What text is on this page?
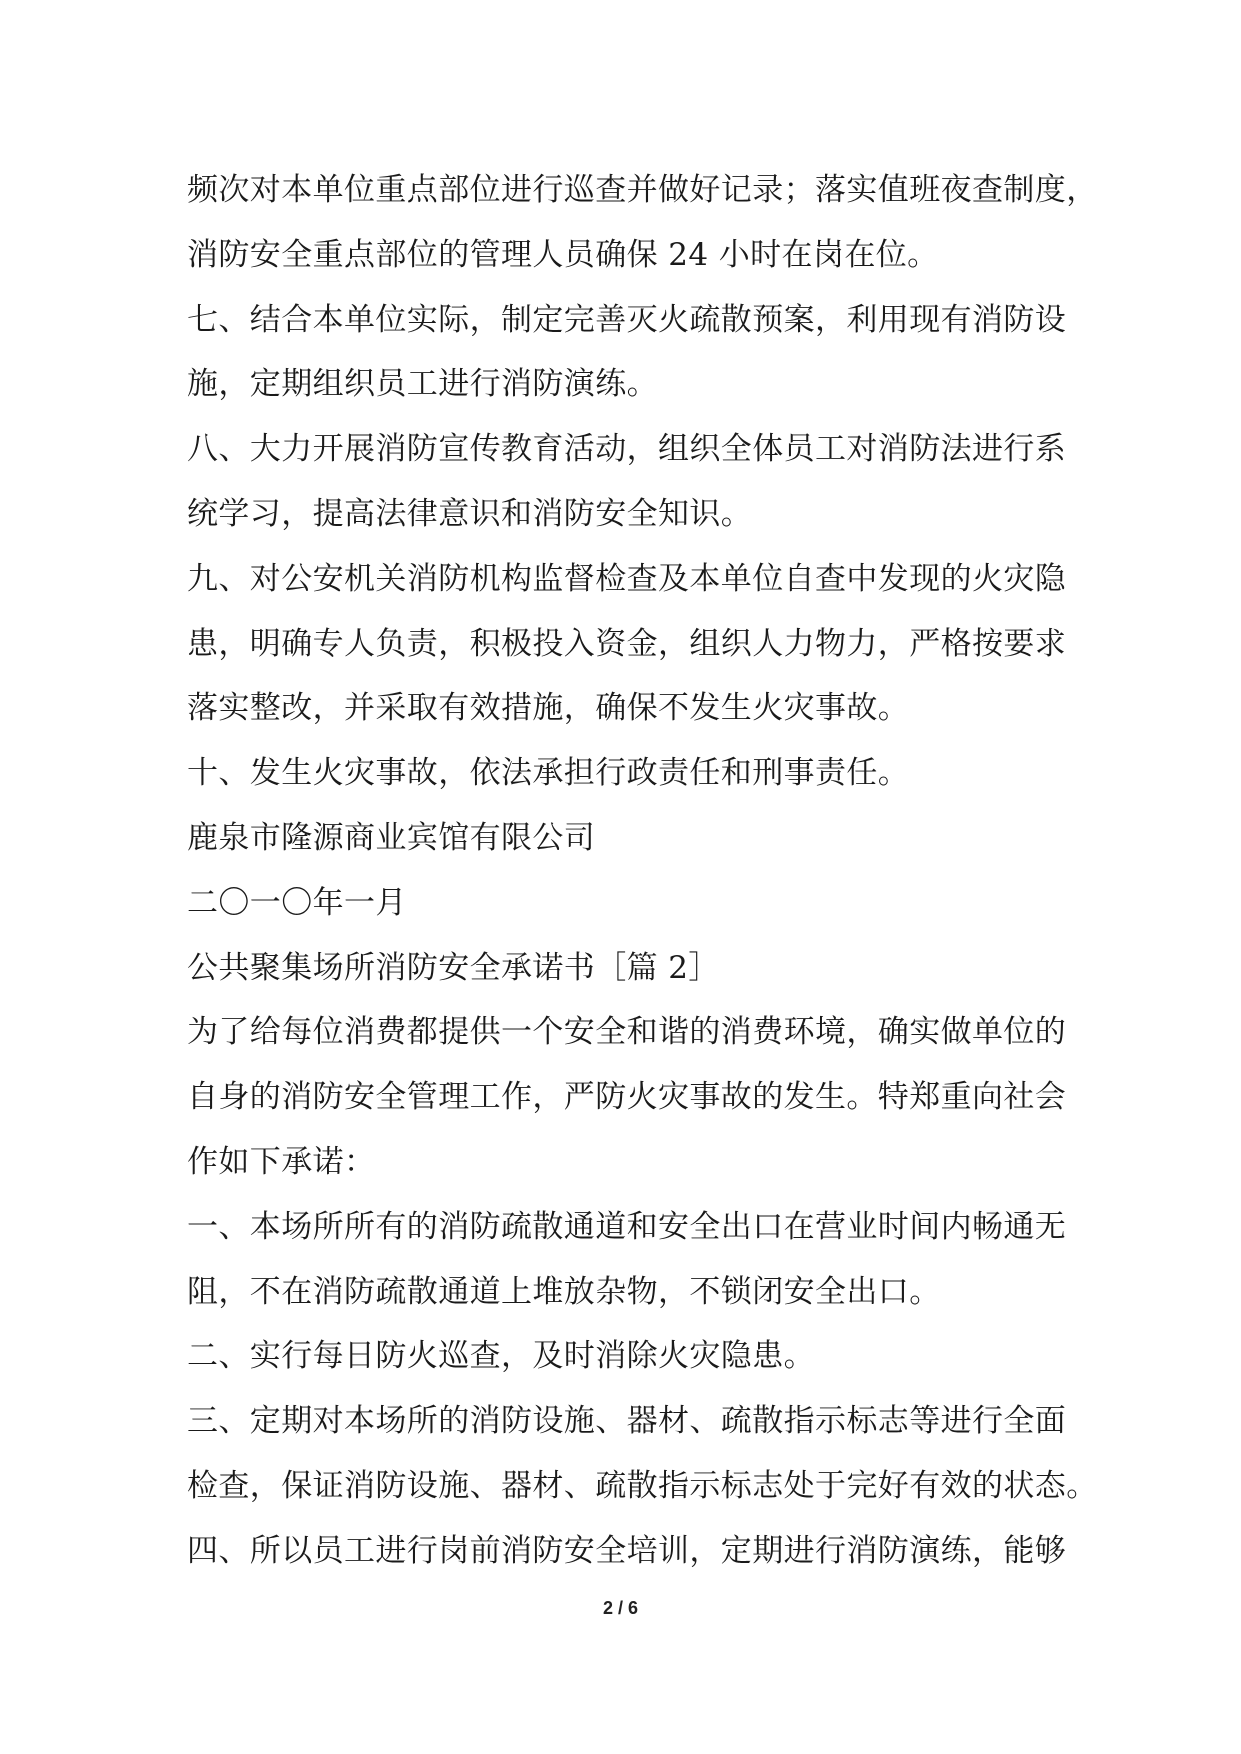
频次对本单位重点部位进行巡查并做好记录；落实值班夜查制度，
消防安全重点部位的管理人员确保 24 小时在岗在位。
七、结合本单位实际，制定完善灭火疏散预案，利用现有消防设
施，定期组织员工进行消防演练。
八、大力开展消防宣传教育活动，组织全体员工对消防法进行系
统学习，提高法律意识和消防安全知识。
九、对公安机关消防机构监督检查及本单位自查中发现的火灾隐
患，明确专人负责，积极投入资金，组织人力物力，严格按要求
落实整改，并采取有效措施，确保不发生火灾事故。
十、发生火灾事故，依法承担行政责任和刑事责任。
鹿泉市隆源商业宾馆有限公司
二〇一〇年一月
公共聚集场所消防安全承诺书［篇 2］
为了给每位消费都提供一个安全和谐的消费环境，确实做单位的
自身的消防安全管理工作，严防火灾事故的发生。特郑重向社会
作如下承诺：
一、本场所所有的消防疏散通道和安全出口在营业时间内畅通无
阻，不在消防疏散通道上堆放杂物，不锁闭安全出口。
二、实行每日防火巡查，及时消除火灾隐患。
三、定期对本场所的消防设施、器材、疏散指示标志等进行全面
检查，保证消防设施、器材、疏散指示标志处于完好有效的状态。
四、所以员工进行岗前消防安全培训，定期进行消防演练，能够
2 / 6
